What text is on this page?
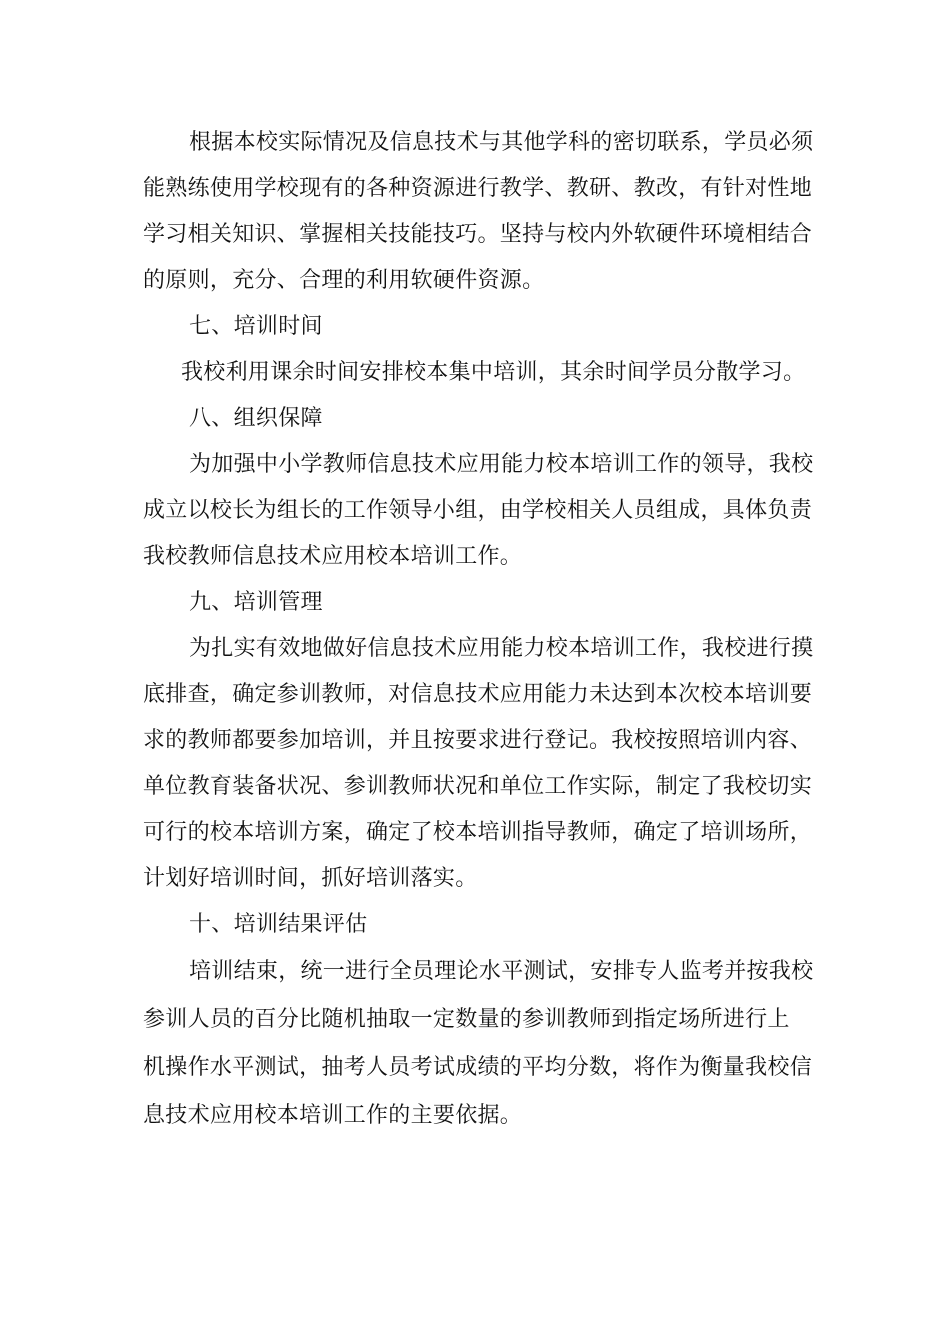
根据本校实际情况及信息技术与其他学科的密切联系，学员必须
能熟练使用学校现有的各种资源进行教学、教研、教改，有针对性地
学习相关知识、掌握相关技能技巧。坚持与校内外软硬件环境相结合
的原则，充分、合理的利用软硬件资源。
七、培训时间
我校利用课余时间安排校本集中培训，其余时间学员分散学习。
八、组织保障
为加强中小学教师信息技术应用能力校本培训工作的领导，我校
成立以校长为组长的工作领导小组，由学校相关人员组成，具体负责
我校教师信息技术应用校本培训工作。
九、培训管理
为扎实有效地做好信息技术应用能力校本培训工作，我校进行摸
底排查，确定参训教师，对信息技术应用能力未达到本次校本培训要
求的教师都要参加培训，并且按要求进行登记。我校按照培训内容、
单位教育装备状况、参训教师状况和单位工作实际，制定了我校切实
可行的校本培训方案，确定了校本培训指导教师，确定了培训场所，
计划好培训时间，抓好培训落实。
十、培训结果评估
培训结束，统一进行全员理论水平测试，安排专人监考并按我校
参训人员的百分比随机抽取一定数量的参训教师到指定场所进行上
机操作水平测试，抽考人员考试成绩的平均分数，将作为衡量我校信
息技术应用校本培训工作的主要依据。
